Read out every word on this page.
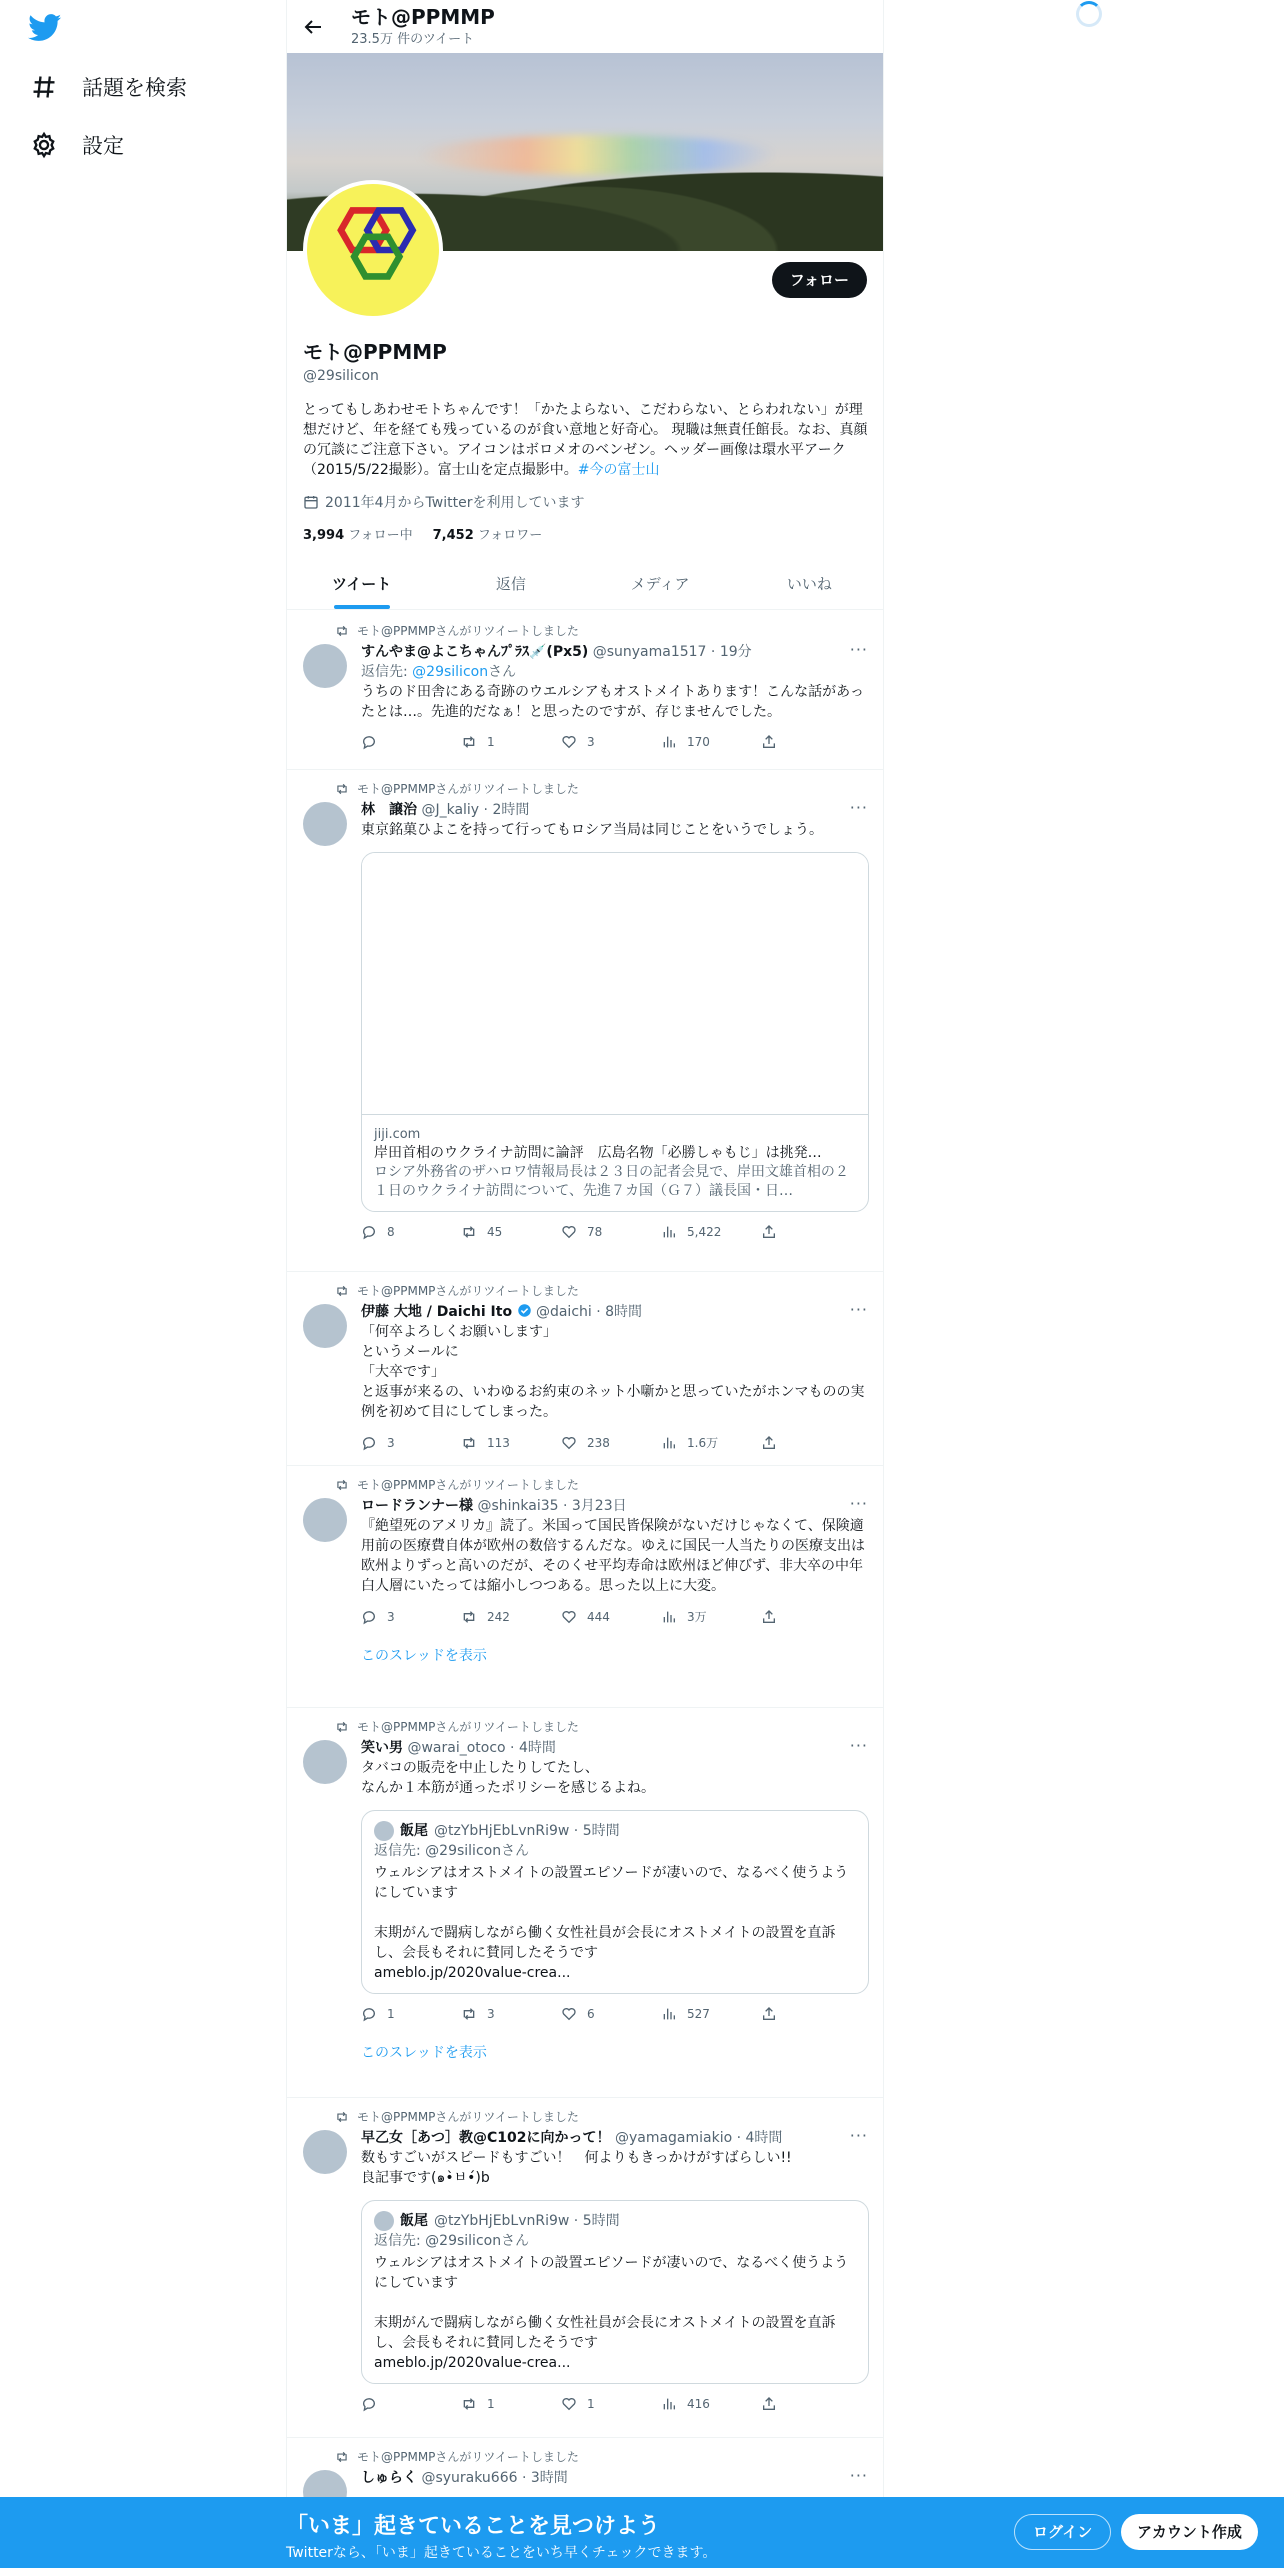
話題を検索
設定
モト@PPMMP
23.5万 件のツイート
フォロー
モト@PPMMP
@29silicon
とってもしあわせモトちゃんです！「かたよらない、こだわらない、とらわれない」が理想だけど、年を経ても残っているのが食い意地と好奇心。 現職は無責任館長。なお、真顔の冗談にご注意下さい。アイコンはボロメオのベンゼン。ヘッダー画像は環水平アーク（2015/5/22撮影）。富士山を定点撮影中。#今の富士山
2011年4月からTwitterを利用しています
3,994 フォロー中 7,452 フォロワー
ツイート	返信	メディア	いいね
モト@PPMMPさんがリツイートしました
···
すんやま@よこちゃんﾌﾟﾗｽ💉(Px5) @sunyama1517 · 19分
返信先: @29siliconさん
うちのド田舎にある奇跡のウエルシアもオストメイトあります！こんな話があったとは…。先進的だなぁ！と思ったのですが、存じませんでした。
1	3	170
モト@PPMMPさんがリツイートしました
···
林　譲治 @J_kaliy · 2時間
東京銘菓ひよこを持って行ってもロシア当局は同じことをいうでしょう。
jiji.com
岸田首相のウクライナ訪問に論評　広島名物「必勝しゃもじ」は挑発…
ロシア外務省のザハロワ情報局長は２３日の記者会見で、岸田文雄首相の２１日のウクライナ訪問について、先進７カ国（Ｇ７）議長国・日…
8	45	78	5,422
モト@PPMMPさんがリツイートしました
···
伊藤 大地 / Daichi Ito @daichi · 8時間
「何卒よろしくお願いします」
というメールに
「大卒です」
と返事が来るの、いわゆるお約束のネット小噺かと思っていたがホンマものの実例を初めて目にしてしまった。
3	113	238	1.6万
モト@PPMMPさんがリツイートしました
···
ロードランナー様 @shinkai35 · 3月23日
『絶望死のアメリカ』読了。米国って国民皆保険がないだけじゃなくて、保険適用前の医療費自体が欧州の数倍するんだな。ゆえに国民一人当たりの医療支出は欧州よりずっと高いのだが、そのくせ平均寿命は欧州ほど伸びず、非大卒の中年白人層にいたっては縮小しつつある。思った以上に大変。
3	242	444	3万
このスレッドを表示
モト@PPMMPさんがリツイートしました
···
笑い男 @warai_otoco · 4時間
タバコの販売を中止したりしてたし、
なんか１本筋が通ったポリシーを感じるよね。
飯尾 @tzYbHjEbLvnRi9w · 5時間
返信先: @29siliconさん
ウェルシアはオストメイトの設置エピソードが凄いので、なるべく使うようにしています

末期がんで闘病しながら働く女性社員が会長にオストメイトの設置を直訴し、会長もそれに賛同したそうです
ameblo.jp/2020value-crea...
1	3	6	527
このスレッドを表示
モト@PPMMPさんがリツイートしました
···
早乙女［あつ］教@C102に向かって！ @yamagamiakio · 4時間
数もすごいがスピードもすごい！　何よりもきっかけがすばらしい!!
良記事です(๑•̀ㅂ•́)b
飯尾 @tzYbHjEbLvnRi9w · 5時間
返信先: @29siliconさん
ウェルシアはオストメイトの設置エピソードが凄いので、なるべく使うようにしています

末期がんで闘病しながら働く女性社員が会長にオストメイトの設置を直訴し、会長もそれに賛同したそうです
ameblo.jp/2020value-crea...
1	1	416
モト@PPMMPさんがリツイートしました
···
しゅらく @syuraku666 · 3時間
「いま」起きていることを見つけよう
Twitterなら、「いま」起きていることをいち早くチェックできます。
ログイン	アカウント作成
